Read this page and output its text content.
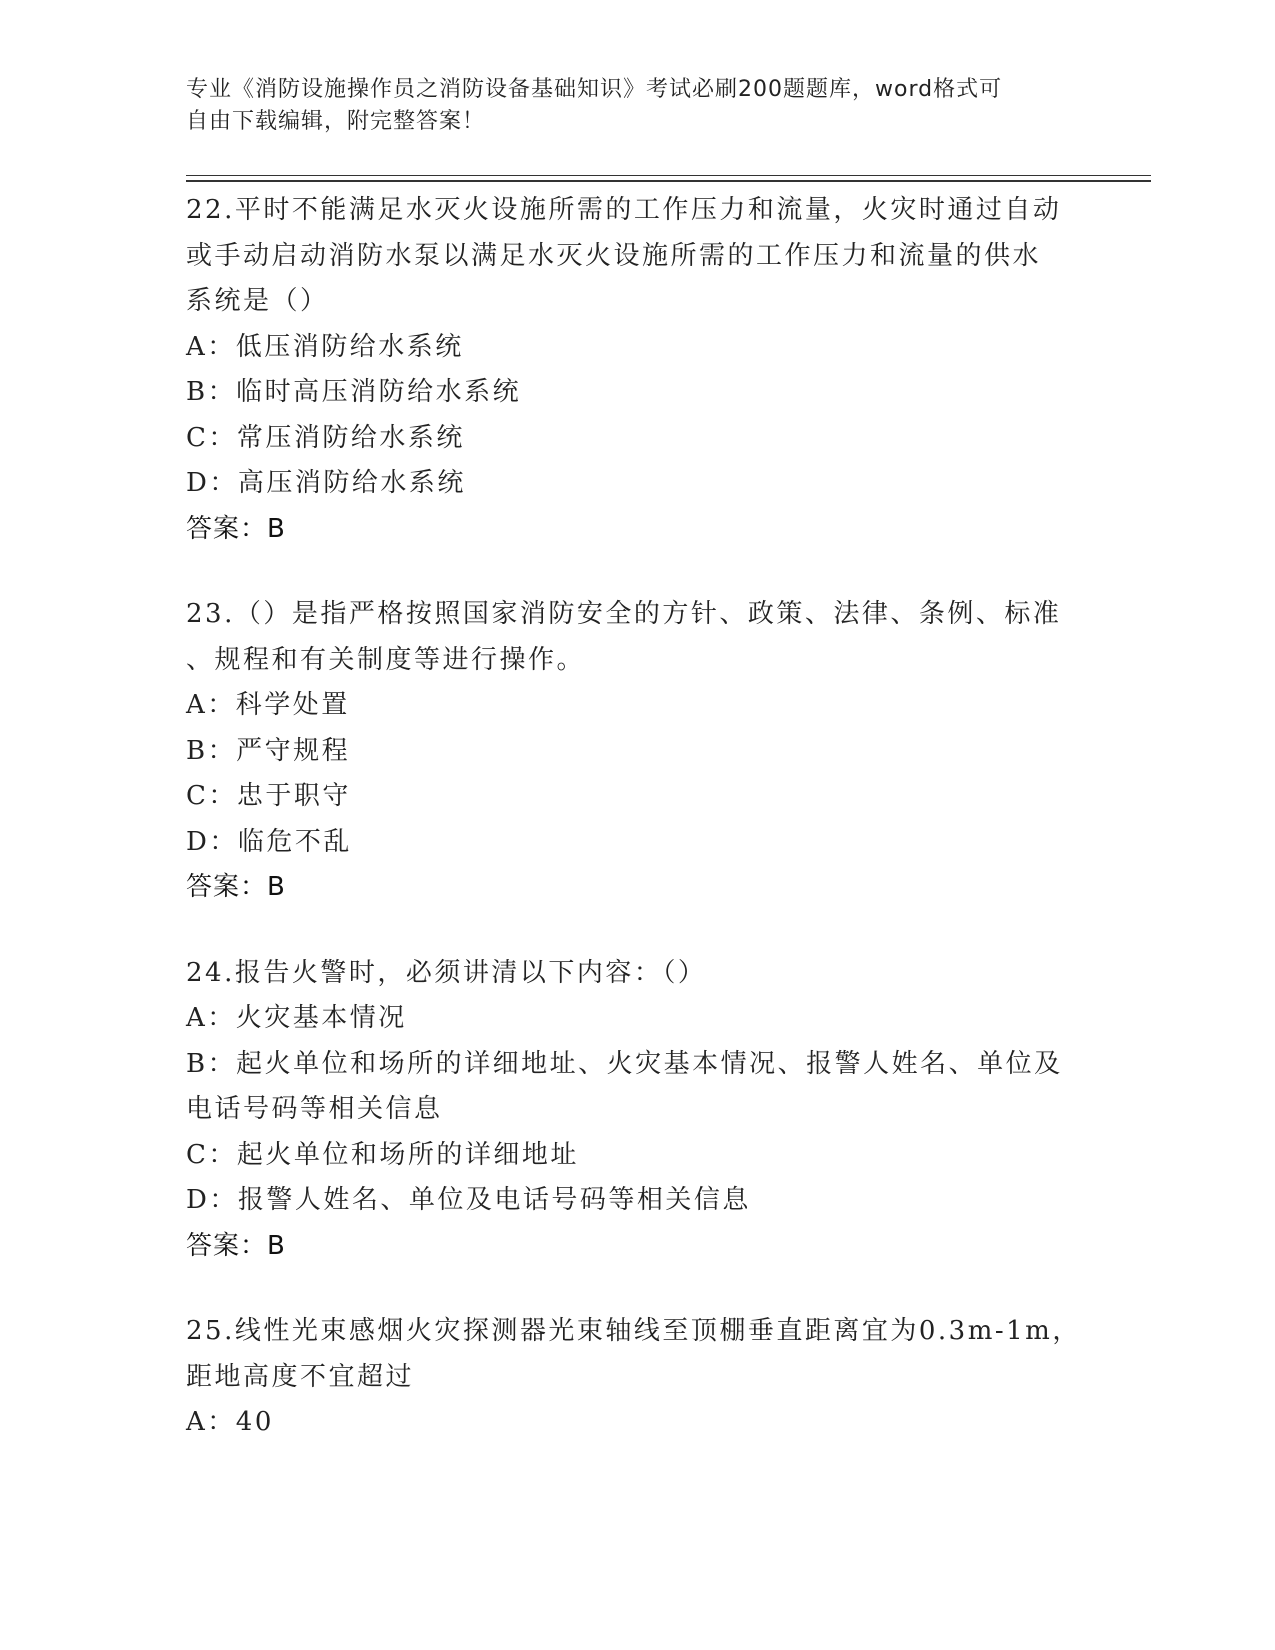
专业《消防设施操作员之消防设备基础知识》考试必刷200题题库，word格式可
自由下载编辑，附完整答案！
22.平时不能满足水灭火设施所需的工作压力和流量，火灾时通过自动
或手动启动消防水泵以满足水灭火设施所需的工作压力和流量的供水
系统是（）
A：低压消防给水系统
B：临时高压消防给水系统
C：常压消防给水系统
D：高压消防给水系统
答案：B
23.（）是指严格按照国家消防安全的方针、政策、法律、条例、标准
、规程和有关制度等进行操作。
A：科学处置
B：严守规程
C：忠于职守
D：临危不乱
答案：B
24.报告火警时，必须讲清以下内容：（）
A：火灾基本情况
B：起火单位和场所的详细地址、火灾基本情况、报警人姓名、单位及
电话号码等相关信息
C：起火单位和场所的详细地址
D：报警人姓名、单位及电话号码等相关信息
答案：B
25.线性光束感烟火灾探测器光束轴线至顶棚垂直距离宜为0.3m-1m，
距地高度不宜超过
A：40
